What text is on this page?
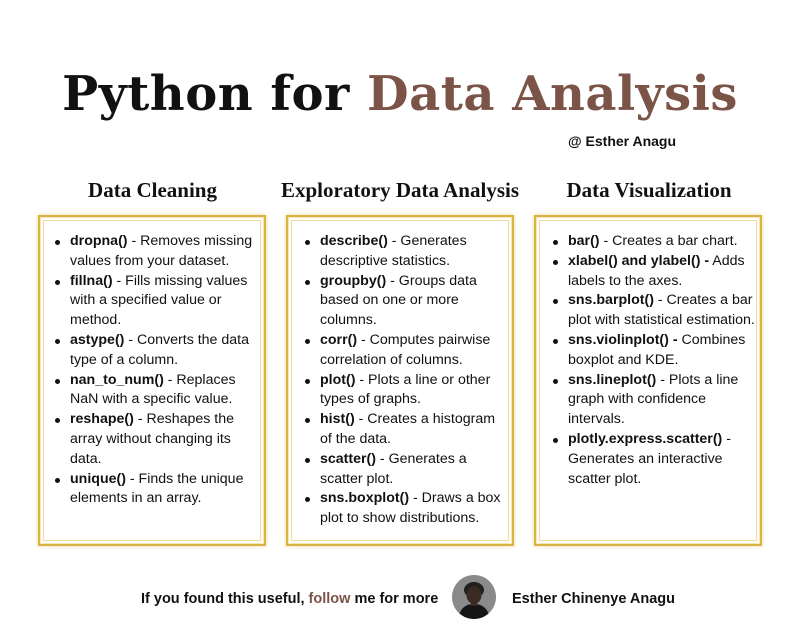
Python for Data Analysis
@ Esther Anagu
Data Cleaning	Exploratory Data Analysis	Data Visualization
dropna() - Removes missing values from your dataset.
fillna() - Fills missing values with a specified value or method.
astype() - Converts the data type of a column.
nan_to_num() - Replaces NaN with a specific value.
reshape() - Reshapes the array without changing its data.
unique() - Finds the unique elements in an array.
describe() - Generates descriptive statistics.
groupby() - Groups data based on one or more columns.
corr() - Computes pairwise correlation of columns.
plot() - Plots a line or other types of graphs.
hist() - Creates a histogram of the data.
scatter() - Generates a scatter plot.
sns.boxplot() - Draws a box plot to show distributions.
bar() - Creates a bar chart.
xlabel() and ylabel() - Adds labels to the axes.
sns.barplot() - Creates a bar plot with statistical estimation.
sns.violinplot() - Combines boxplot and KDE.
sns.lineplot() - Plots a line graph with confidence intervals.
plotly.express.scatter() - Generates an interactive scatter plot.
If you found this useful, follow me for more	Esther Chinenye Anagu
